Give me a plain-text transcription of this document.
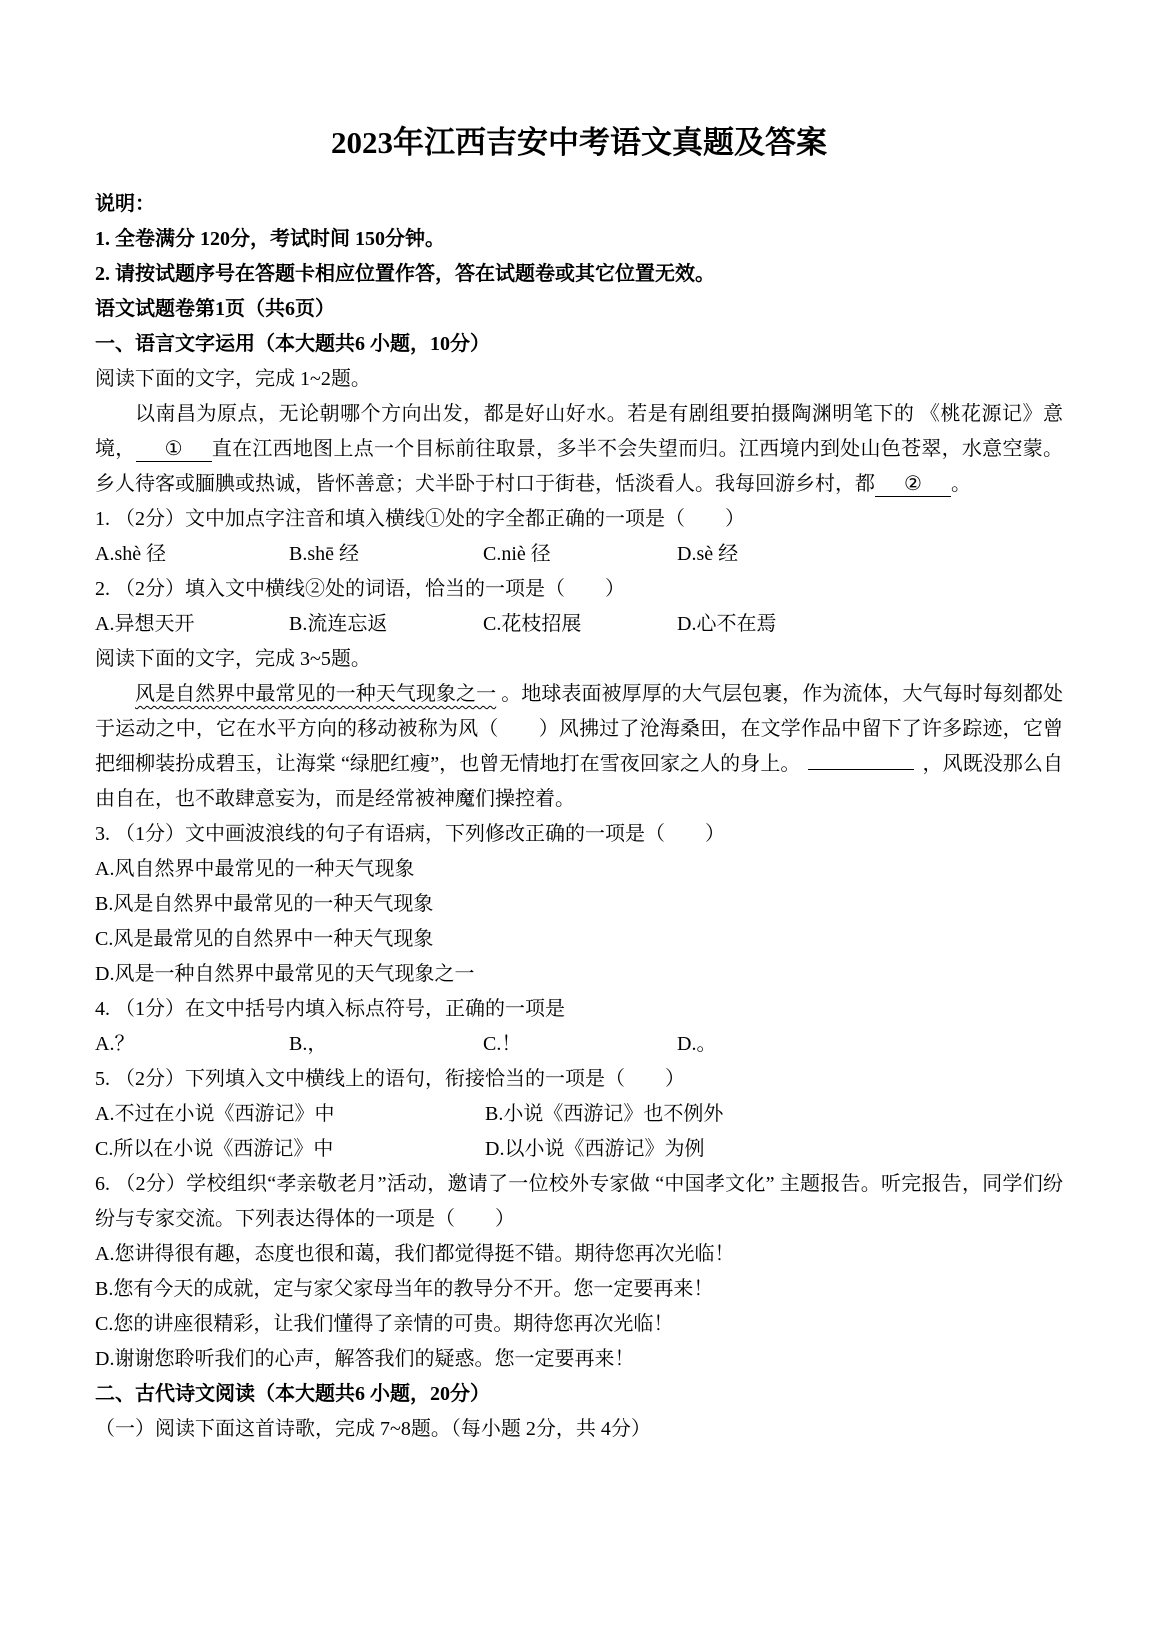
2023年江西吉安中考语文真题及答案

说明：

1. 全卷满分 120分，考试时间 150分钟。

2. 请按试题序号在答题卡相应位置作答，答在试题卷或其它位置无效。

语文试题卷第1页（共6页）

一、语言文字运用（本大题共6 小题，10分）

阅读下面的文字，完成 1~2题。

以南昌为原点，无论朝哪个方向出发，都是好山好水。若是有剧组要拍摄陶渊明笔下的 《桃花源记》意境， ① 直在江西地图上点一个目标前往取景，多半不会失望而归。江西境内到处山色苍翠，水意空蒙。乡人待客或腼腆或热诚，皆怀善意；犬半卧于村口于街巷，恬淡看人。我每回游乡村，都 ② 。

1. （2分）文中加点字注音和填入横线①处的字全都正确的一项是（　　）

A.shè 径	B.shē 经	C.niè 径	D.sè 经

2. （2分）填入文中横线②处的词语，恰当的一项是（　　）

A.异想天开	B.流连忘返	C.花枝招展	D.心不在焉

阅读下面的文字，完成 3~5题。

风是自然界中最常见的一种天气现象之一 。地球表面被厚厚的大气层包裹，作为流体，大气每时每刻都处于运动之中，它在水平方向的移动被称为风（　　）风拂过了沧海桑田，在文学作品中留下了许多踪迹，它曾把细柳装扮成碧玉，让海棠 “绿肥红瘦”，也曾无情地打在雪夜回家之人的身上。	，风既没那么自由自在，也不敢肆意妄为，而是经常被神魔们操控着。

3. （1分）文中画波浪线的句子有语病，下列修改正确的一项是（　　）

A.风自然界中最常见的一种天气现象

B.风是自然界中最常见的一种天气现象

C.风是最常见的自然界中一种天气现象

D.风是一种自然界中最常见的天气现象之一

4. （1分）在文中括号内填入标点符号，正确的一项是

A.？	B.，	C.！	D.。

5. （2分）下列填入文中横线上的语句，衔接恰当的一项是（　　）

A.不过在小说《西游记》中	B.小说《西游记》也不例外
C.所以在小说《西游记》中	D.以小说《西游记》为例

6. （2分）学校组织“孝亲敬老月”活动，邀请了一位校外专家做 “中国孝文化” 主题报告。听完报告，同学们纷纷与专家交流。下列表达得体的一项是（　　）

A.您讲得很有趣，态度也很和蔼，我们都觉得挺不错。期待您再次光临！

B.您有今天的成就，定与家父家母当年的教导分不开。您一定要再来！

C.您的讲座很精彩，让我们懂得了亲情的可贵。期待您再次光临！

D.谢谢您聆听我们的心声，解答我们的疑惑。您一定要再来！

二、古代诗文阅读（本大题共6 小题，20分）

（一）阅读下面这首诗歌，完成 7~8题。（每小题 2分，共 4分）
